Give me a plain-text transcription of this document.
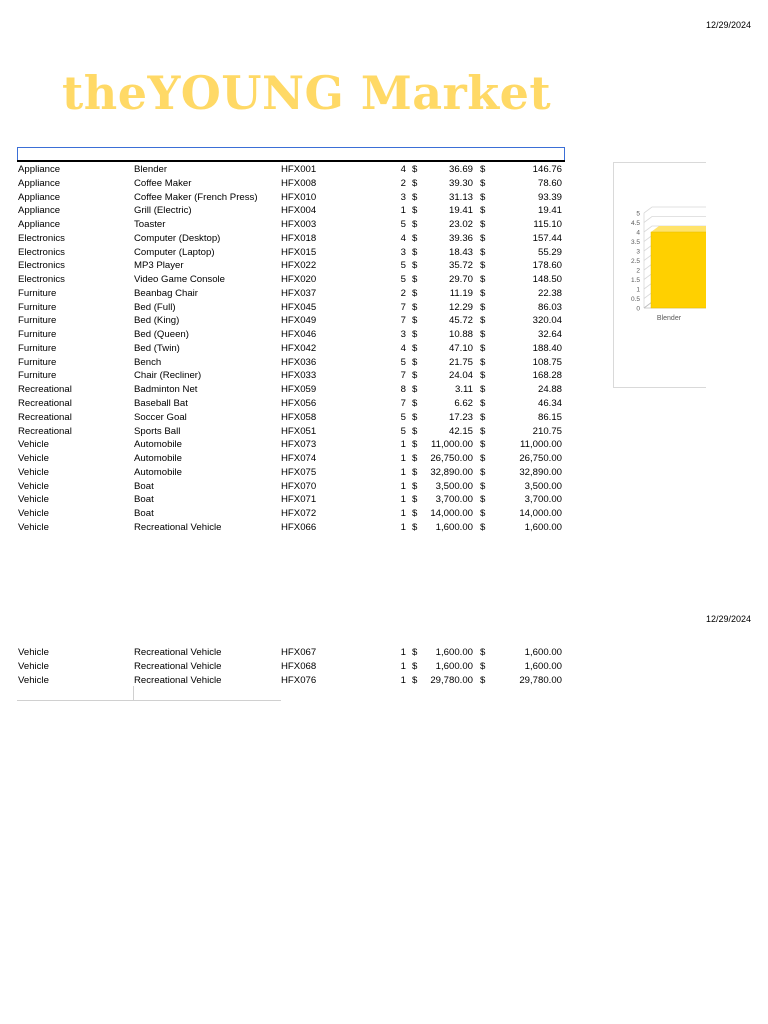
12/29/2024
theYOUNG Market
Appliance	Blender	HFX001	4 $	36.69 $	146.76
Appliance	Coffee Maker	HFX008	2 $	39.30 $	78.60
Appliance	Coffee Maker (French Press) HFX010	3 $	31.13 $	93.39
Appliance	Grill (Electric)	HFX004	1 $	19.41 $	19.41
Appliance	Toaster	HFX003	5 $	23.02 $	115.10
Electronics	Computer (Desktop)	HFX018	4 $	39.36 $	157.44
Electronics	Computer (Laptop)	HFX015	3 $	18.43 $	55.29
Electronics	MP3 Player	HFX022	5 $	35.72 $	178.60
Electronics	Video Game Console	HFX020	5 $	29.70 $	148.50
Furniture	Beanbag Chair	HFX037	2 $	11.19 $	22.38
Furniture	Bed (Full)	HFX045	7 $	12.29 $	86.03
Furniture	Bed (King)	HFX049	7 $	45.72 $	320.04
Furniture	Bed (Queen)	HFX046	3 $	10.88 $	32.64
Furniture	Bed (Twin)	HFX042	4 $	47.10 $	188.40
Furniture	Bench	HFX036	5 $	21.75 $	108.75
Furniture	Chair (Recliner)	HFX033	7 $	24.04 $	168.28
Recreational	Badminton Net	HFX059	8 $	3.11 $	24.88
Recreational	Baseball Bat	HFX056	7 $	6.62 $	46.34
Recreational	Soccer Goal	HFX058	5 $	17.23 $	86.15
Recreational	Sports Ball	HFX051	5 $	42.15 $	210.75
Vehicle	Automobile	HFX073	1 $	11,000.00 $	11,000.00
Vehicle	Automobile	HFX074	1 $	26,750.00 $	26,750.00
Vehicle	Automobile	HFX075	1 $	32,890.00 $	32,890.00
Vehicle	Boat	HFX070	1 $	3,500.00 $	3,500.00
Vehicle	Boat	HFX071	1 $	3,700.00 $	3,700.00
Vehicle	Boat	HFX072	1 $	14,000.00 $	14,000.00
Vehicle	Recreational Vehicle	HFX066	1 $	1,600.00 $	1,600.00
12/29/2024
Vehicle	Recreational Vehicle	HFX067	1 $	1,600.00 $	1,600.00
Vehicle	Recreational Vehicle	HFX068	1 $	1,600.00 $	1,600.00
Vehicle	Recreational Vehicle	HFX076	1 $	29,780.00 $	29,780.00
0
0.5
1
1.5
2
2.5
3
3.5
4
4.5
5
Blender
